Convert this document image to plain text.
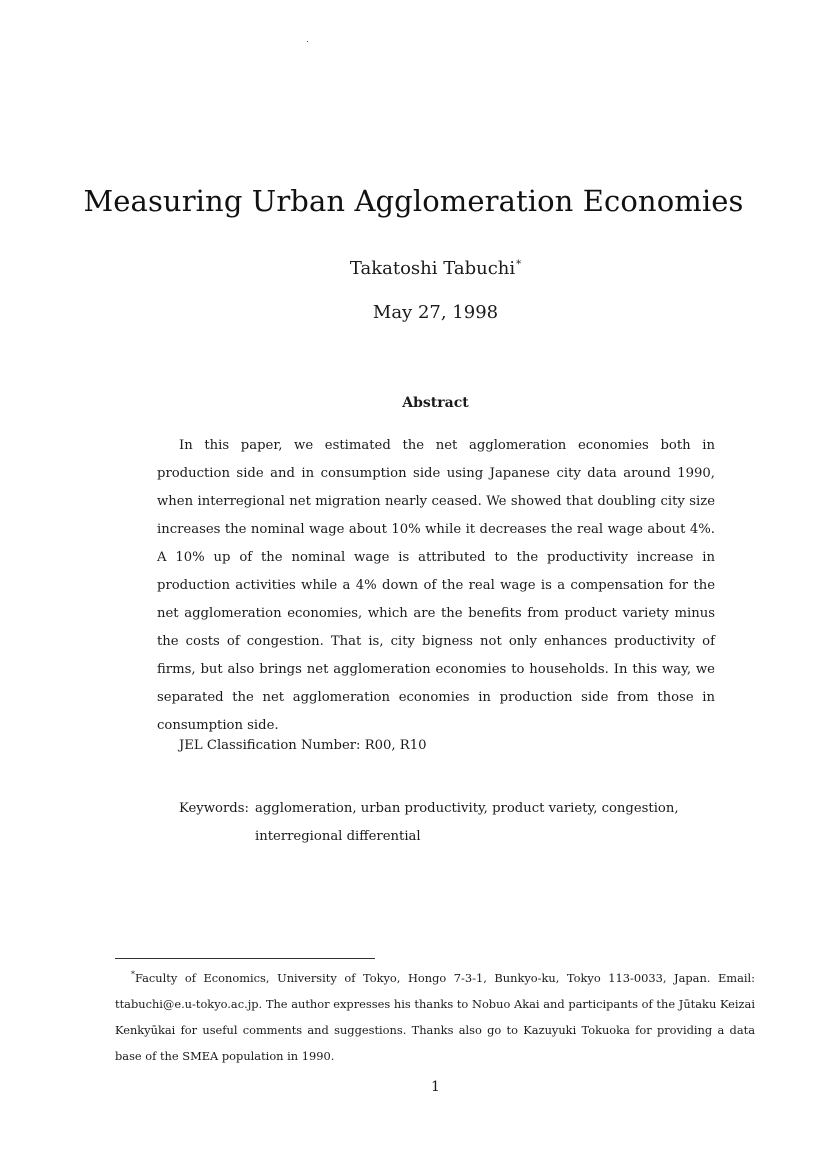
Measuring Urban Agglomeration Economies
Takatoshi Tabuchi*
May 27, 1998
Abstract

In this paper, we estimated the net agglomeration economies both in production side and in consumption side using Japanese city data around 1990, when interregional net migration nearly ceased. We showed that doubling city size increases the nominal wage about 10% while it decreases the real wage about 4%. A 10% up of the nominal wage is attributed to the productivity increase in production activities while a 4% down of the real wage is a compensation for the net agglomeration economies, which are the benefits from product variety minus the costs of congestion. That is, city bigness not only enhances productivity of firms, but also brings net agglomeration economies to households. In this way, we separated the net agglomeration economies in production side from those in consumption side.

JEL Classification Number: R00, R10
Keywords: agglomeration, urban productivity, product variety, congestion,
interregional differential

*Faculty of Economics, University of Tokyo, Hongo 7-3-1, Bunkyo-ku, Tokyo 113-0033, Japan. Email: ttabuchi@e.u-tokyo.ac.jp. The author expresses his thanks to Nobuo Akai and participants of the Jūtaku Keizai Kenkyūkai for useful comments and suggestions. Thanks also go to Kazuyuki Tokuoka for providing a data base of the SMEA population in 1990.

1
